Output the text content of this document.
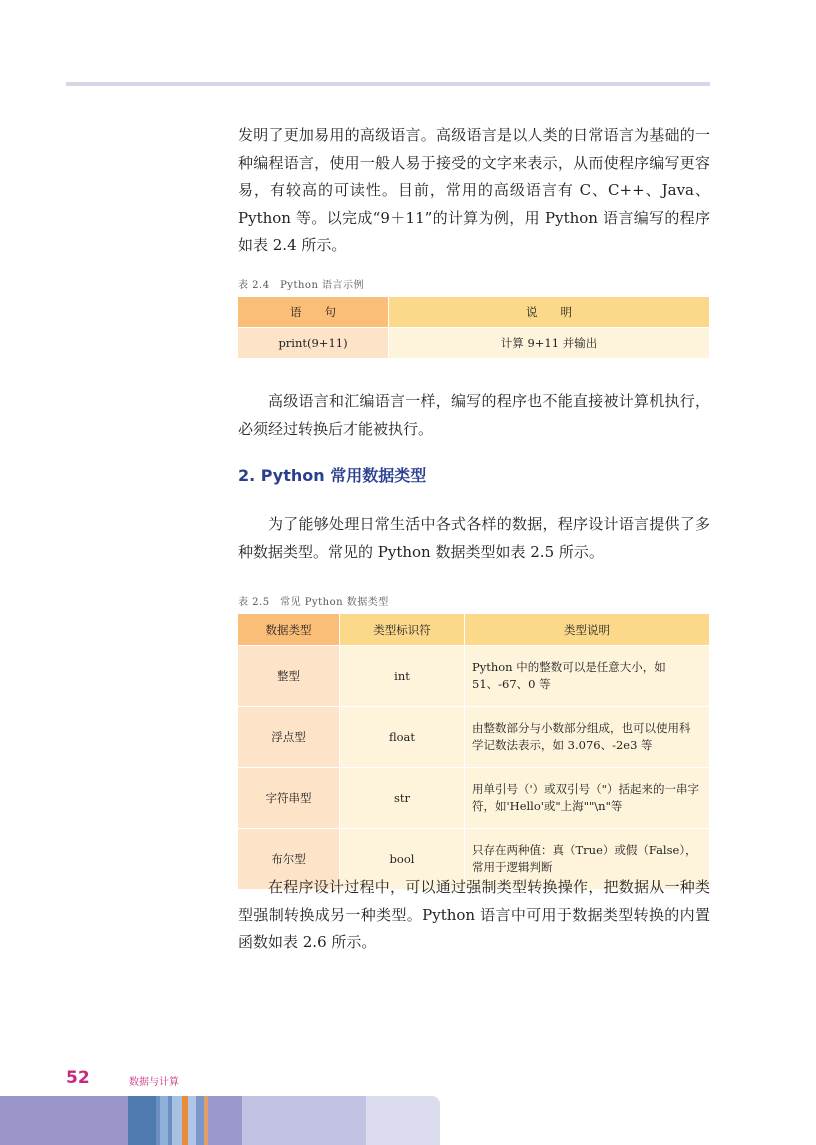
发明了更加易用的高级语言。高级语言是以人类的日常语言为基础的一种编程语言，使用一般人易于接受的文字来表示，从而使程序编写更容易，有较高的可读性。目前，常用的高级语言有 C、C++、Java、Python 等。以完成“9＋11”的计算为例，用 Python 语言编写的程序如表 2.4 所示。

表 2.4　Python 语言示例
语　　句	说　　明
print(9+11)	计算 9+11 并输出

高级语言和汇编语言一样，编写的程序也不能直接被计算机执行，必须经过转换后才能被执行。

2. Python 常用数据类型

为了能够处理日常生活中各式各样的数据，程序设计语言提供了多种数据类型。常见的 Python 数据类型如表 2.5 所示。

表 2.5　常见 Python 数据类型
数据类型	类型标识符	类型说明
整型	int	Python 中的整数可以是任意大小，如 51、-67、0 等
浮点型	float	由整数部分与小数部分组成，也可以使用科学记数法表示，如 3.076、-2e3 等
字符串型	str	用单引号（'）或双引号（"）括起来的一串字符，如'Hello'或"上海""\n"等
布尔型	bool	只存在两种值：真（True）或假（False），常用于逻辑判断

在程序设计过程中，可以通过强制类型转换操作，把数据从一种类型强制转换成另一种类型。Python 语言中可用于数据类型转换的内置函数如表 2.6 所示。

52	数据与计算
